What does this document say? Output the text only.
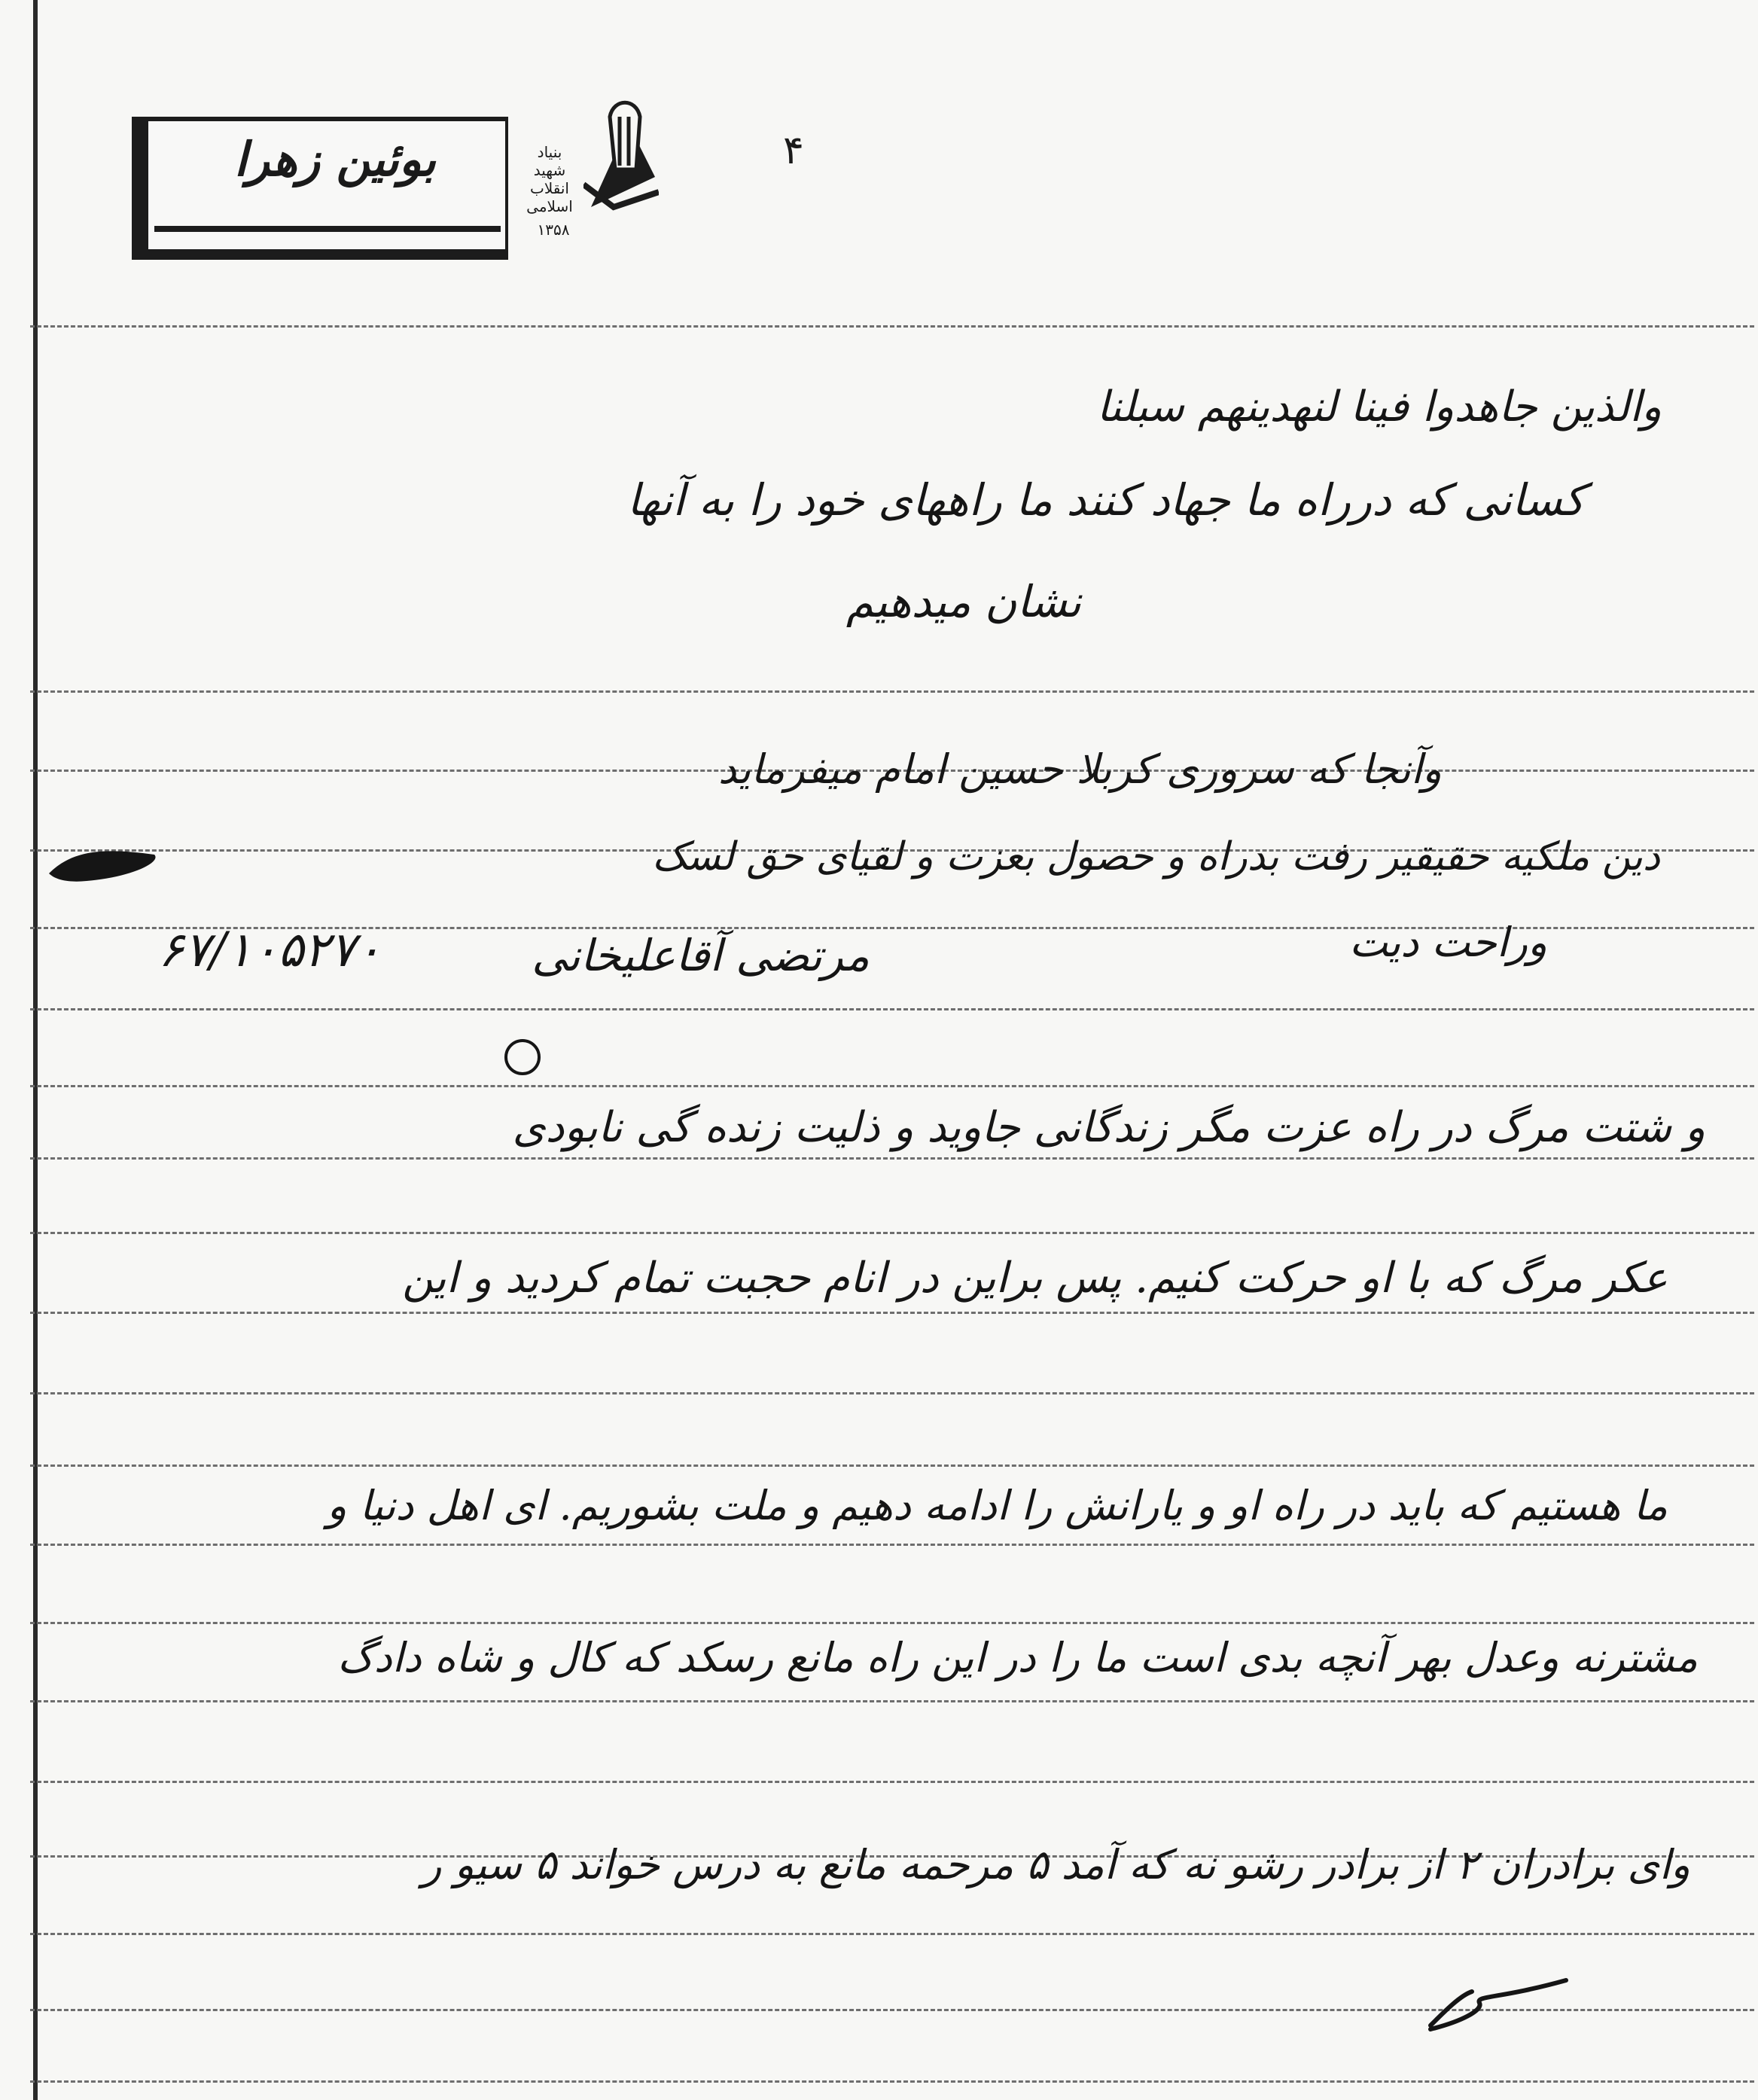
۴
بوئین زهرا	بنیاد
شهید
انقلاب اسلامی
۱۳۵۸
والذین جاهدوا فینا لنهدینهم سبلنا
کسانی که درراه ما جهاد کنند ما راههای خود را به آنها
نشان میدهیم
وآنجا که سروری کربلا حسین امام میفرماید
دین ملکیه حقیقیر رفت بدراه و حصول بعزت و لقیای حق لسک
وراحت دیت
مرتضی آقاعلیخانی
۶۷/۱۰۵۲۷۰
و شتت مرگ در راه عزت مگر زندگانی جاوید و ذلیت زنده گی نابودی
عکر مرگ که با او حرکت کنیم. پس براین در انام حجبت تمام کردید و این
ما هستیم که باید در راه او و یارانش را ادامه دهیم و ملت بشوریم. ای اهل دنیا و
مشترنه وعدل بهر آنچه بدی است ما را در این راه مانع رسکد که کال و شاه دادگ
وای برادران ۲ از برادر رشو نه که آمد ۵ مرحمه مانع به درس خواند ۵ سیو ر
